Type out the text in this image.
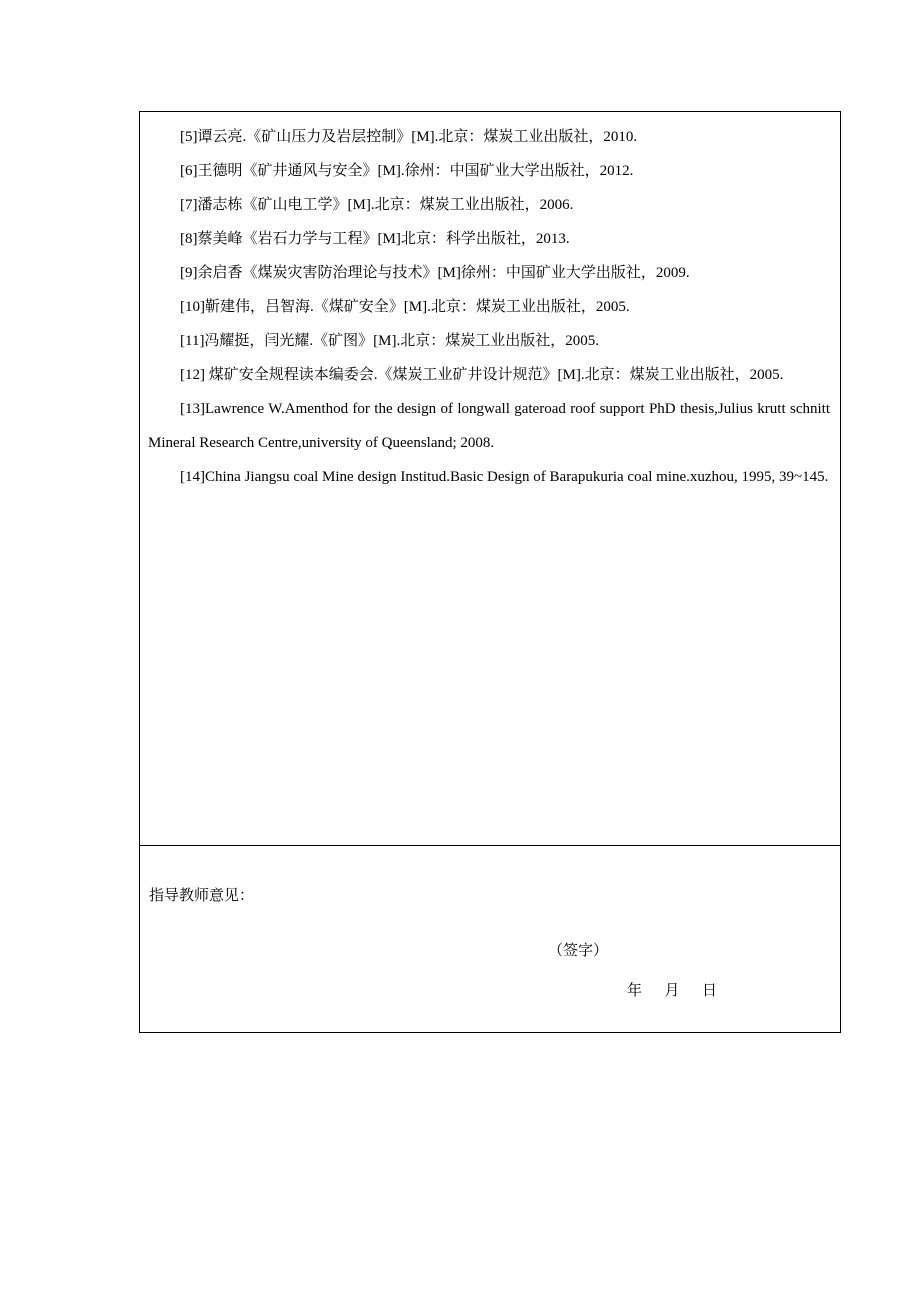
[5]谭云亮.《矿山压力及岩层控制》[M].北京：煤炭工业出版社，2010.
[6]王德明《矿井通风与安全》[M].徐州：中国矿业大学出版社，2012.
[7]潘志栋《矿山电工学》[M].北京：煤炭工业出版社，2006.
[8]蔡美峰《岩石力学与工程》[M]北京：科学出版社，2013.
[9]余启香《煤炭灾害防治理论与技术》[M]徐州：中国矿业大学出版社，2009.
[10]靳建伟，吕智海.《煤矿安全》[M].北京：煤炭工业出版社，2005.
[11]冯耀挺，闫光耀.《矿图》[M].北京：煤炭工业出版社，2005.
[12] 煤矿安全规程读本编委会.《煤炭工业矿井设计规范》[M].北京：煤炭工业出版社，2005.
[13]Lawrence W.Amenthod for the design of longwall gateroad roof support PhD thesis,Julius krutt schnitt Mineral Research Centre,university of Queensland; 2008.
[14]China Jiangsu coal Mine design Institud.Basic Design of Barapukuria coal mine.xuzhou, 1995, 39~145.
指导教师意见：
（签字）
年 月 日
